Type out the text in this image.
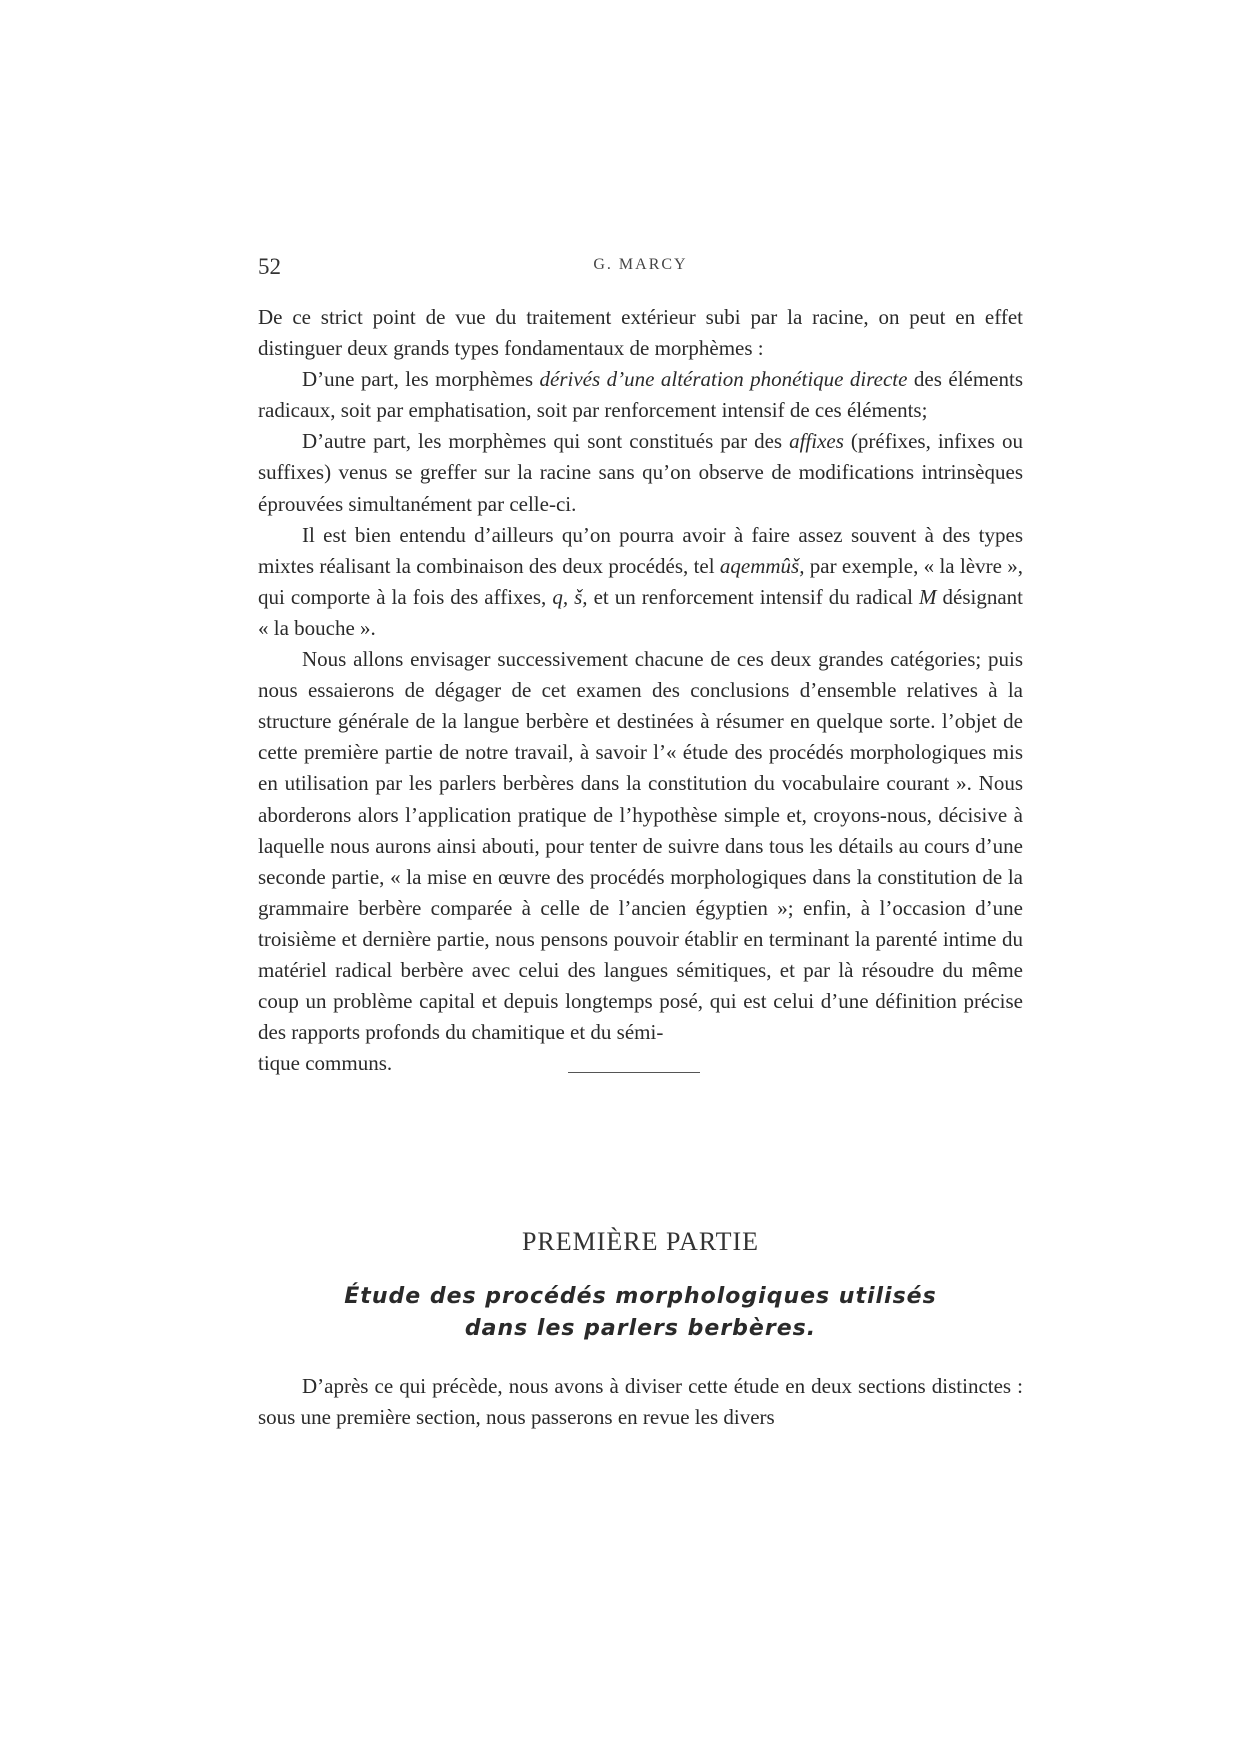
52	G. MARCY

De ce strict point de vue du traitement extérieur subi par la racine, on peut en effet distinguer deux grands types fondamentaux de morphèmes :

D’une part, les morphèmes dérivés d’une altération phonétique directe des éléments radicaux, soit par emphatisation, soit par renforcement intensif de ces éléments;

D’autre part, les morphèmes qui sont constitués par des affixes (préfixes, infixes ou suffixes) venus se greffer sur la racine sans qu’on observe de modifications intrinsèques éprouvées simultanément par celle-ci.

Il est bien entendu d’ailleurs qu’on pourra avoir à faire assez souvent à des types mixtes réalisant la combinaison des deux procédés, tel aqemmûš, par exemple, « la lèvre », qui comporte à la fois des affixes, q, š, et un renforcement intensif du radical M désignant « la bouche ».

Nous allons envisager successivement chacune de ces deux grandes catégories; puis nous essaierons de dégager de cet examen des conclusions d’ensemble relatives à la structure générale de la langue berbère et destinées à résumer en quelque sorte. l’objet de cette première partie de notre travail, à savoir l’« étude des procédés morphologiques mis en utilisation par les parlers berbères dans la constitution du vocabulaire courant ». Nous aborderons alors l’application pratique de l’hypothèse simple et, croyons-nous, décisive à laquelle nous aurons ainsi abouti, pour tenter de suivre dans tous les détails au cours d’une seconde partie, « la mise en œuvre des procédés morphologiques dans la constitution de la grammaire berbère comparée à celle de l’ancien égyptien »; enfin, à l’occasion d’une troisième et dernière partie, nous pensons pouvoir établir en terminant la parenté intime du matériel radical berbère avec celui des langues sémitiques, et par là résoudre du même coup un problème capital et depuis longtemps posé, qui est celui d’une définition précise des rapports profonds du chamitique et du sémi-

tique communs.
PREMIÈRE PARTIE
Étude des procédés morphologiques utilisés
dans les parlers berbères.

D’après ce qui précède, nous avons à diviser cette étude en deux sections distinctes : sous une première section, nous passerons en revue les divers
